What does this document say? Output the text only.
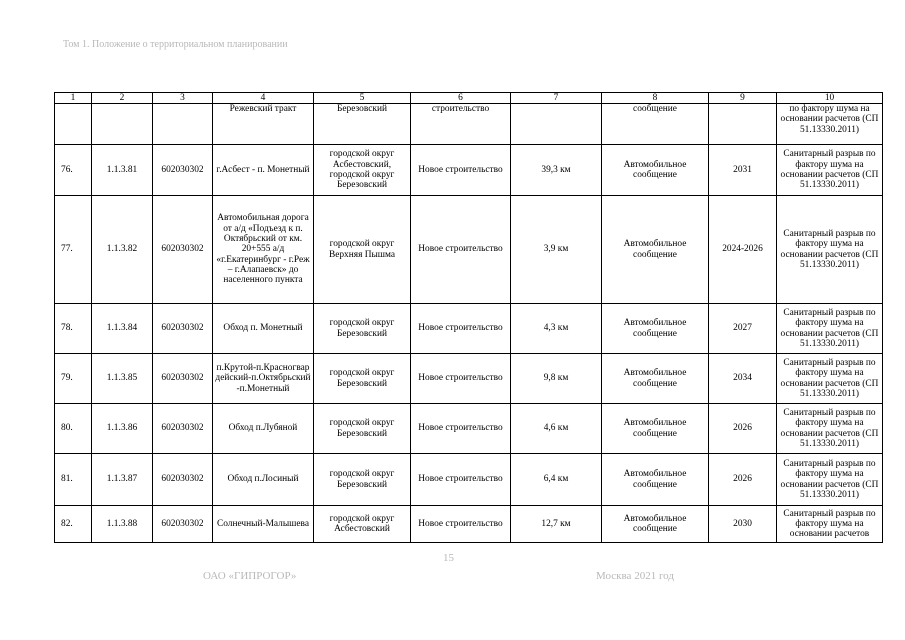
Том 1. Положение о территориальном планировании
1	2	3	4	5	6	7	8	9	10
			Режевский тракт	Березовский	строительство		сообщение		по фактору шума на основании расчетов (СП 51.13330.2011)
76.	1.1.3.81	602030302	г.Асбест - п. Монетный	городской округ Асбестовский, городской округ Березовский	Новое строительство	39,3 км	Автомобильное сообщение	2031	Санитарный разрыв по фактору шума на основании расчетов (СП 51.13330.2011)
77.	1.1.3.82	602030302	Автомобильная дорога от а/д «Подъезд к п. Октябрьский от км. 20+555 а/д «г.Екатеринбург - г.Реж – г.Алапаевск» до населенного пункта	городской округ Верхняя Пышма	Новое строительство	3,9 км	Автомобильное сообщение	2024-2026	Санитарный разрыв по фактору шума на основании расчетов (СП 51.13330.2011)
78.	1.1.3.84	602030302	Обход п. Монетный	городской округ Березовский	Новое строительство	4,3 км	Автомобильное сообщение	2027	Санитарный разрыв по фактору шума на основании расчетов (СП 51.13330.2011)
79.	1.1.3.85	602030302	п.Крутой-п.Красногвардейский-п.Октябрьский-п.Монетный	городской округ Березовский	Новое строительство	9,8 км	Автомобильное сообщение	2034	Санитарный разрыв по фактору шума на основании расчетов (СП 51.13330.2011)
80.	1.1.3.86	602030302	Обход п.Лубяной	городской округ Березовский	Новое строительство	4,6 км	Автомобильное сообщение	2026	Санитарный разрыв по фактору шума на основании расчетов (СП 51.13330.2011)
81.	1.1.3.87	602030302	Обход п.Лосиный	городской округ Березовский	Новое строительство	6,4 км	Автомобильное сообщение	2026	Санитарный разрыв по фактору шума на основании расчетов (СП 51.13330.2011)
82.	1.1.3.88	602030302	Солнечный-Малышева	городской округ Асбестовский	Новое строительство	12,7 км	Автомобильное сообщение	2030	Санитарный разрыв по фактору шума на основании расчетов
15
ОАО «ГИПРОГОР»	Москва 2021 год
